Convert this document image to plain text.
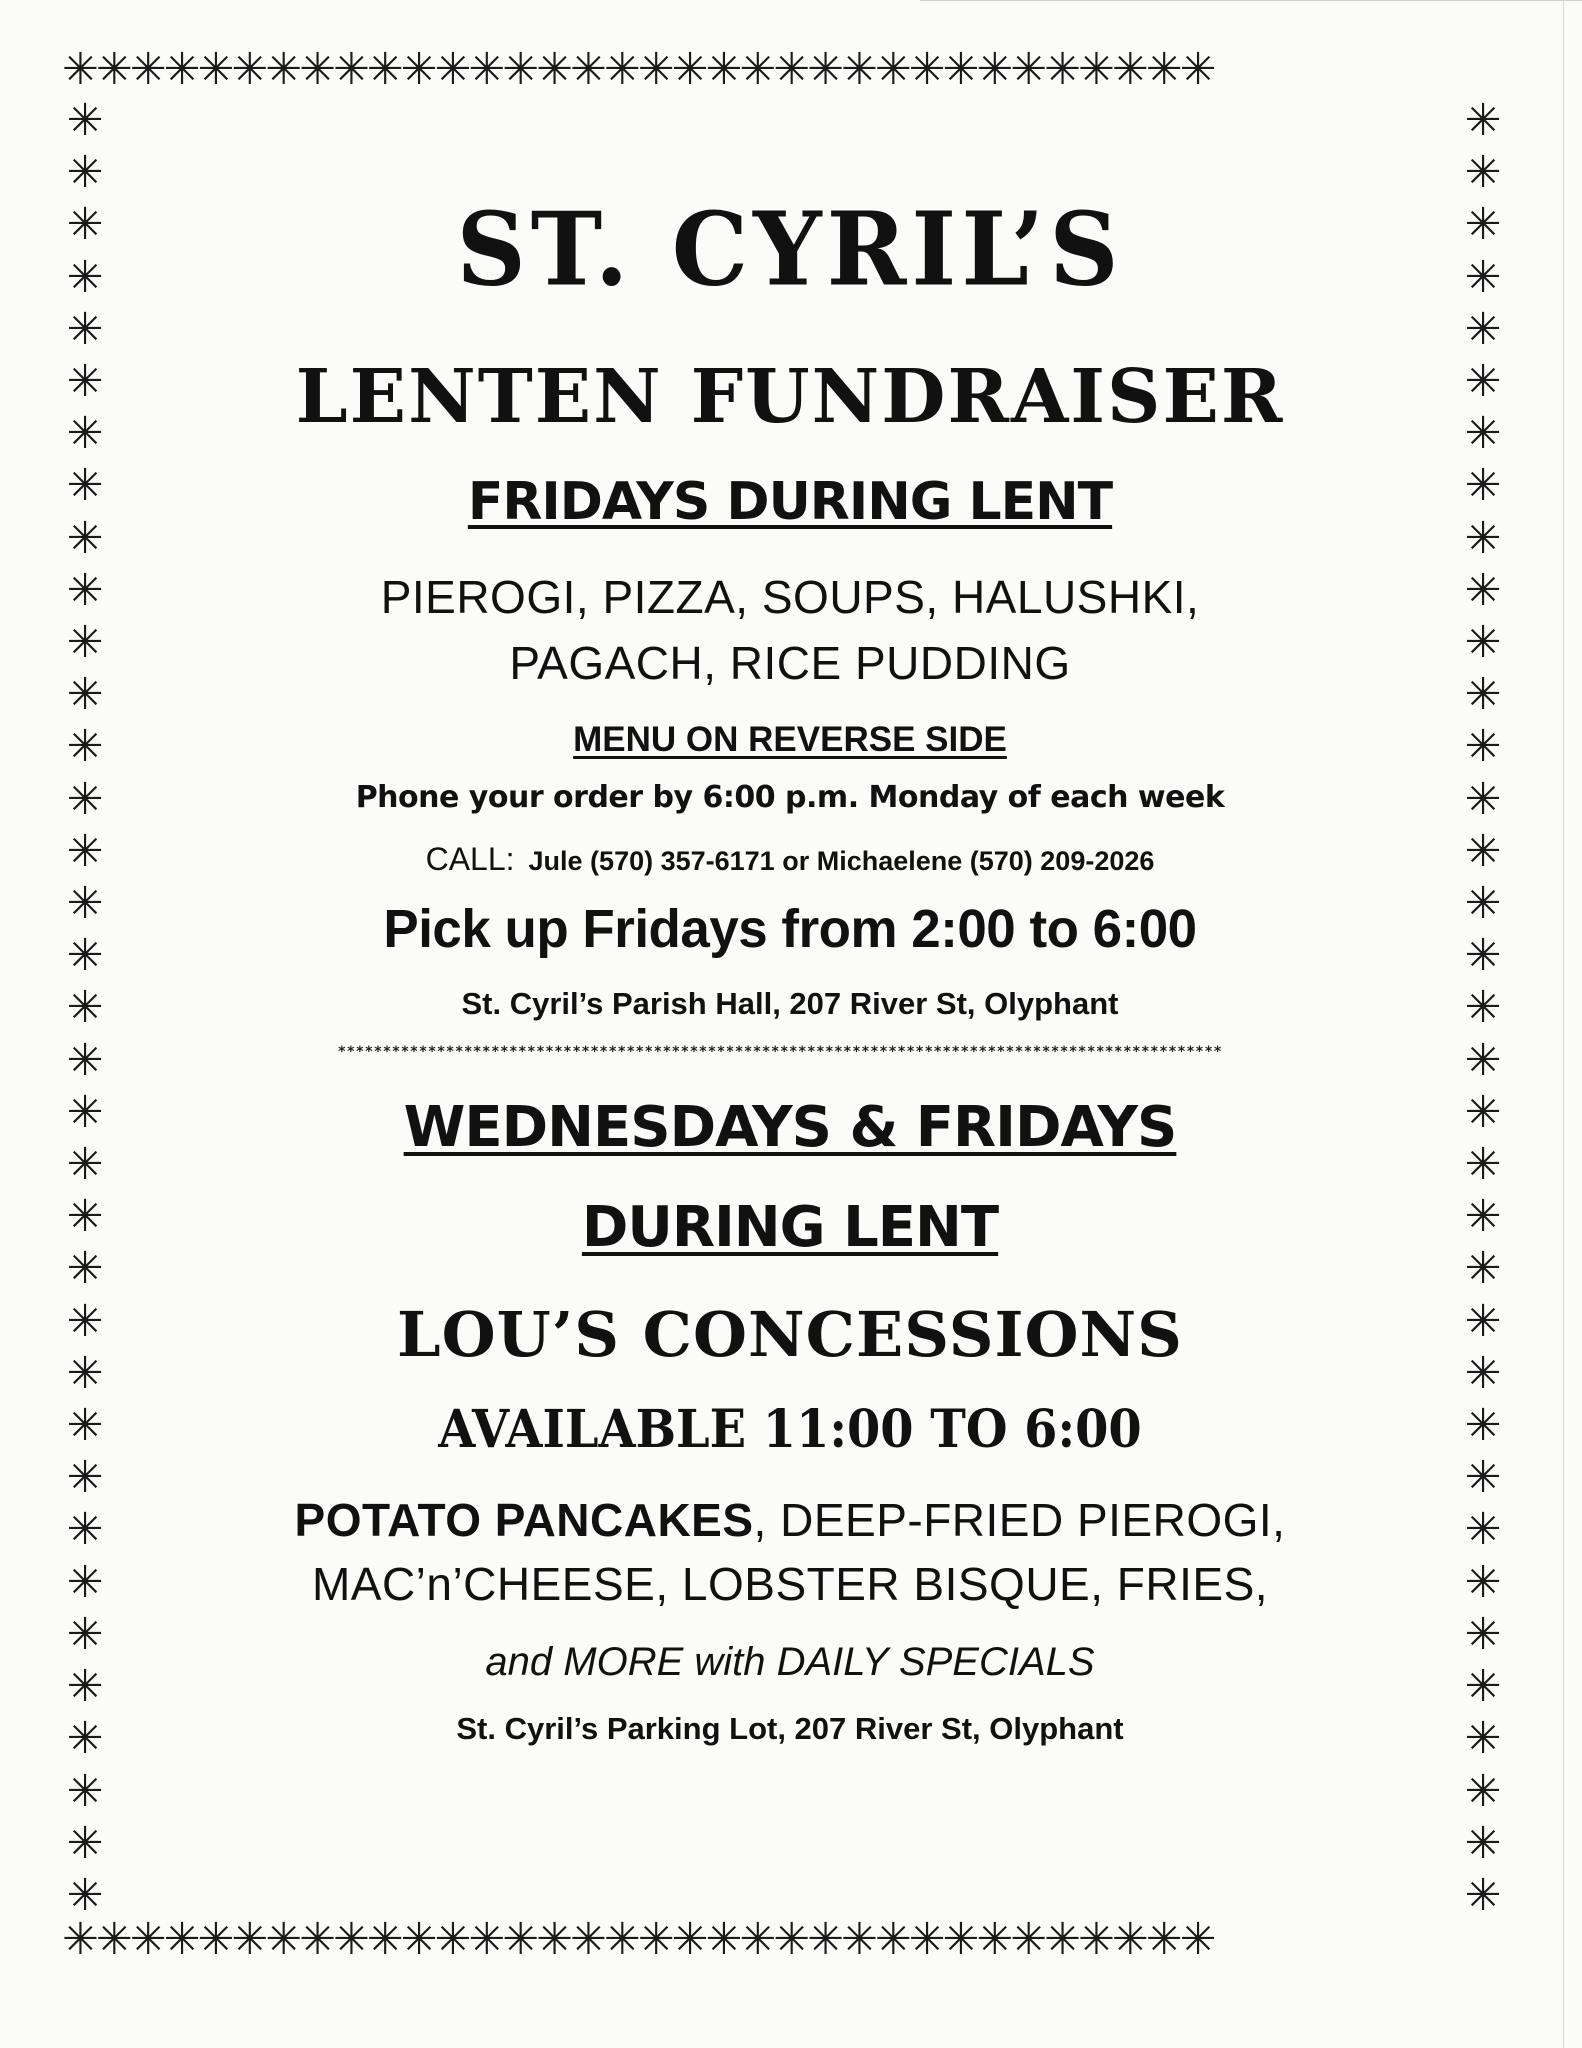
✳✳✳✳✳✳✳✳✳✳✳✳✳✳✳✳✳✳✳✳✳✳✳✳✳✳✳✳✳✳✳✳✳✳
✳✳✳✳✳✳✳✳✳✳✳✳✳✳✳✳✳✳✳✳✳✳✳✳✳✳✳✳✳✳✳✳✳✳
✳✳✳✳✳✳✳✳✳✳✳✳✳✳✳✳✳✳✳✳✳✳✳✳✳✳✳✳✳✳✳✳✳✳✳
✳✳✳✳✳✳✳✳✳✳✳✳✳✳✳✳✳✳✳✳✳✳✳✳✳✳✳✳✳✳✳✳✳✳✳
ST. CYRIL’S
LENTEN FUNDRAISER
FRIDAYS DURING LENT
PIEROGI, PIZZA, SOUPS, HALUSHKI,
PAGACH, RICE PUDDING
MENU ON REVERSE SIDE
Phone your order by 6:00 p.m. Monday of each week
CALL: Jule (570) 357-6171 or Michaelene (570) 209-2026
Pick up Fridays from 2:00 to 6:00
St. Cyril’s Parish Hall, 207 River St, Olyphant
**************************************************************************************************
WEDNESDAYS & FRIDAYS
DURING LENT
LOU’S CONCESSIONS
AVAILABLE 11:00 TO 6:00
POTATO PANCAKES, DEEP-FRIED PIEROGI,
MAC’n’CHEESE, LOBSTER BISQUE, FRIES,
and MORE with DAILY SPECIALS
St. Cyril’s Parking Lot, 207 River St, Olyphant
